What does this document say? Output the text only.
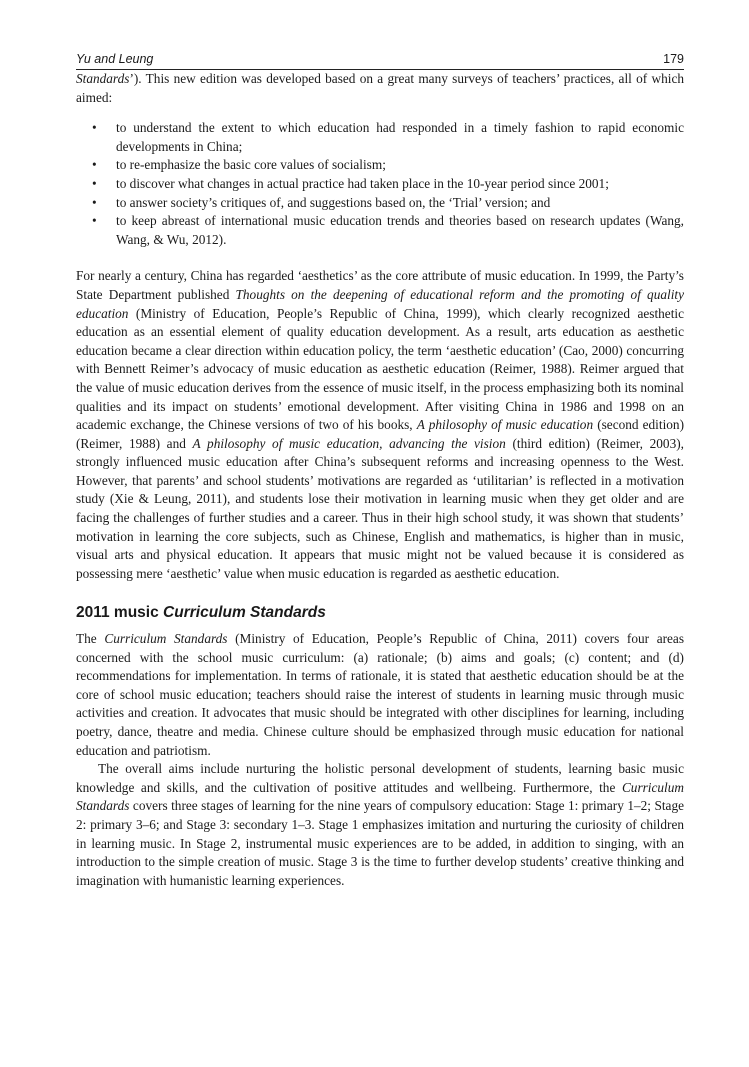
Yu and Leung	179

Standards’). This new edition was developed based on a great many surveys of teachers’ practices, all of which aimed:

• to understand the extent to which education had responded in a timely fashion to rapid economic developments in China;
• to re-emphasize the basic core values of socialism;
• to discover what changes in actual practice had taken place in the 10-year period since 2001;
• to answer society’s critiques of, and suggestions based on, the ‘Trial’ version; and
• to keep abreast of international music education trends and theories based on research updates (Wang, Wang, & Wu, 2012).

For nearly a century, China has regarded ‘aesthetics’ as the core attribute of music education. In 1999, the Party’s State Department published Thoughts on the deepening of educational reform and the promoting of quality education (Ministry of Education, People’s Republic of China, 1999), which clearly recognized aesthetic education as an essential element of quality education development. As a result, arts education as aesthetic education became a clear direction within education policy, the term ‘aesthetic education’ (Cao, 2000) concurring with Bennett Reimer’s advocacy of music education as aesthetic education (Reimer, 1988). Reimer argued that the value of music education derives from the essence of music itself, in the process emphasizing both its nominal qualities and its impact on students’ emotional development. After visiting China in 1986 and 1998 on an academic exchange, the Chinese versions of two of his books, A philosophy of music education (second edition) (Reimer, 1988) and A philosophy of music education, advancing the vision (third edition) (Reimer, 2003), strongly influenced music education after China’s subsequent reforms and increasing openness to the West. However, that parents’ and school students’ motivations are regarded as ‘utilitarian’ is reflected in a motivation study (Xie & Leung, 2011), and students lose their motivation in learning music when they get older and are facing the challenges of further studies and a career. Thus in their high school study, it was shown that students’ motivation in learning the core subjects, such as Chinese, English and mathematics, is higher than in music, visual arts and physical education. It appears that music might not be valued because it is considered as possessing mere ‘aesthetic’ value when music education is regarded as aesthetic education.

2011 music Curriculum Standards

The Curriculum Standards (Ministry of Education, People’s Republic of China, 2011) covers four areas concerned with the school music curriculum: (a) rationale; (b) aims and goals; (c) content; and (d) recommendations for implementation. In terms of rationale, it is stated that aesthetic education should be at the core of school music education; teachers should raise the interest of students in learning music through music activities and creation. It advocates that music should be integrated with other disciplines for learning, including poetry, dance, theatre and media. Chinese culture should be emphasized through music education for national education and patriotism.

The overall aims include nurturing the holistic personal development of students, learning basic music knowledge and skills, and the cultivation of positive attitudes and wellbeing. Furthermore, the Curriculum Standards covers three stages of learning for the nine years of compulsory education: Stage 1: primary 1–2; Stage 2: primary 3–6; and Stage 3: secondary 1–3. Stage 1 emphasizes imitation and nurturing the curiosity of children in learning music. In Stage 2, instrumental music experiences are to be added, in addition to singing, with an introduction to the simple creation of music. Stage 3 is the time to further develop students’ creative thinking and imagination with humanistic learning experiences.
